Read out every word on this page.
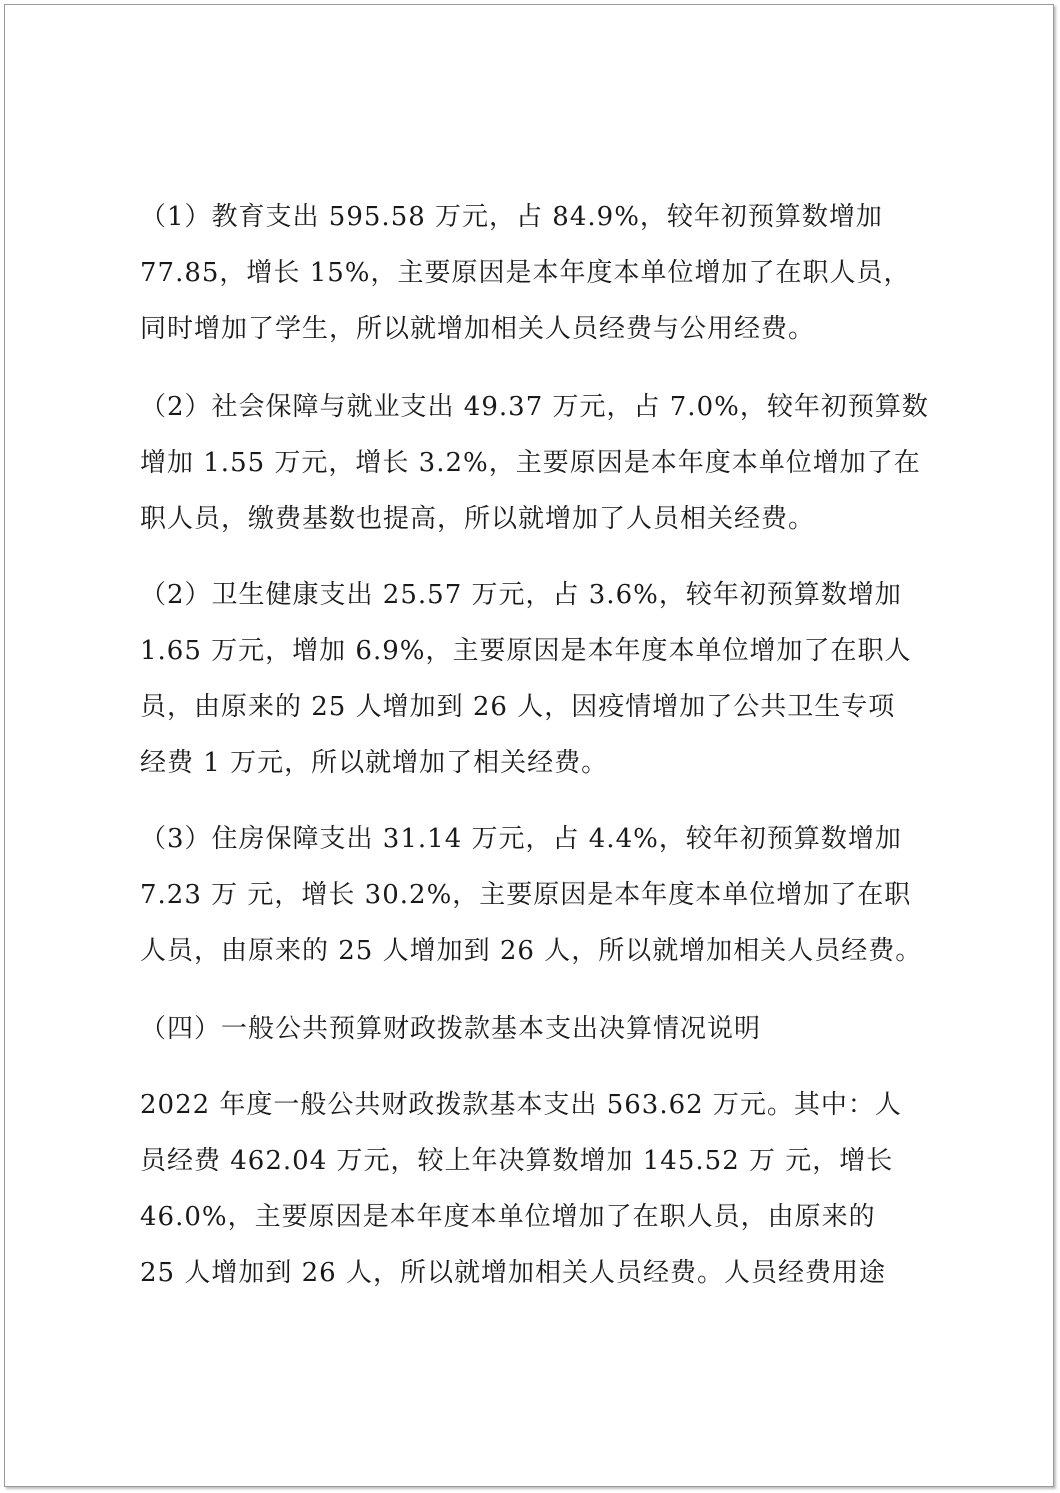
（1）教育支出 595.58 万元，占 84.9%，较年初预算数增加
77.85，增长 15%，主要原因是本年度本单位增加了在职人员，
同时增加了学生，所以就增加相关人员经费与公用经费。
（2）社会保障与就业支出 49.37 万元，占 7.0%，较年初预算数
增加 1.55 万元，增长 3.2%，主要原因是本年度本单位增加了在
职人员，缴费基数也提高，所以就增加了人员相关经费。
（2）卫生健康支出 25.57 万元，占 3.6%，较年初预算数增加
1.65 万元，增加 6.9%，主要原因是本年度本单位增加了在职人
员，由原来的 25 人增加到 26 人，因疫情增加了公共卫生专项
经费 1 万元，所以就增加了相关经费。
（3）住房保障支出 31.14 万元，占 4.4%，较年初预算数增加
7.23 万 元，增长 30.2%，主要原因是本年度本单位增加了在职
人员，由原来的 25 人增加到 26 人，所以就增加相关人员经费。
（四）一般公共预算财政拨款基本支出决算情况说明
2022 年度一般公共财政拨款基本支出 563.62 万元。其中：人
员经费 462.04 万元，较上年决算数增加 145.52 万 元，增长
46.0%，主要原因是本年度本单位增加了在职人员，由原来的
25 人增加到 26 人，所以就增加相关人员经费。人员经费用途
